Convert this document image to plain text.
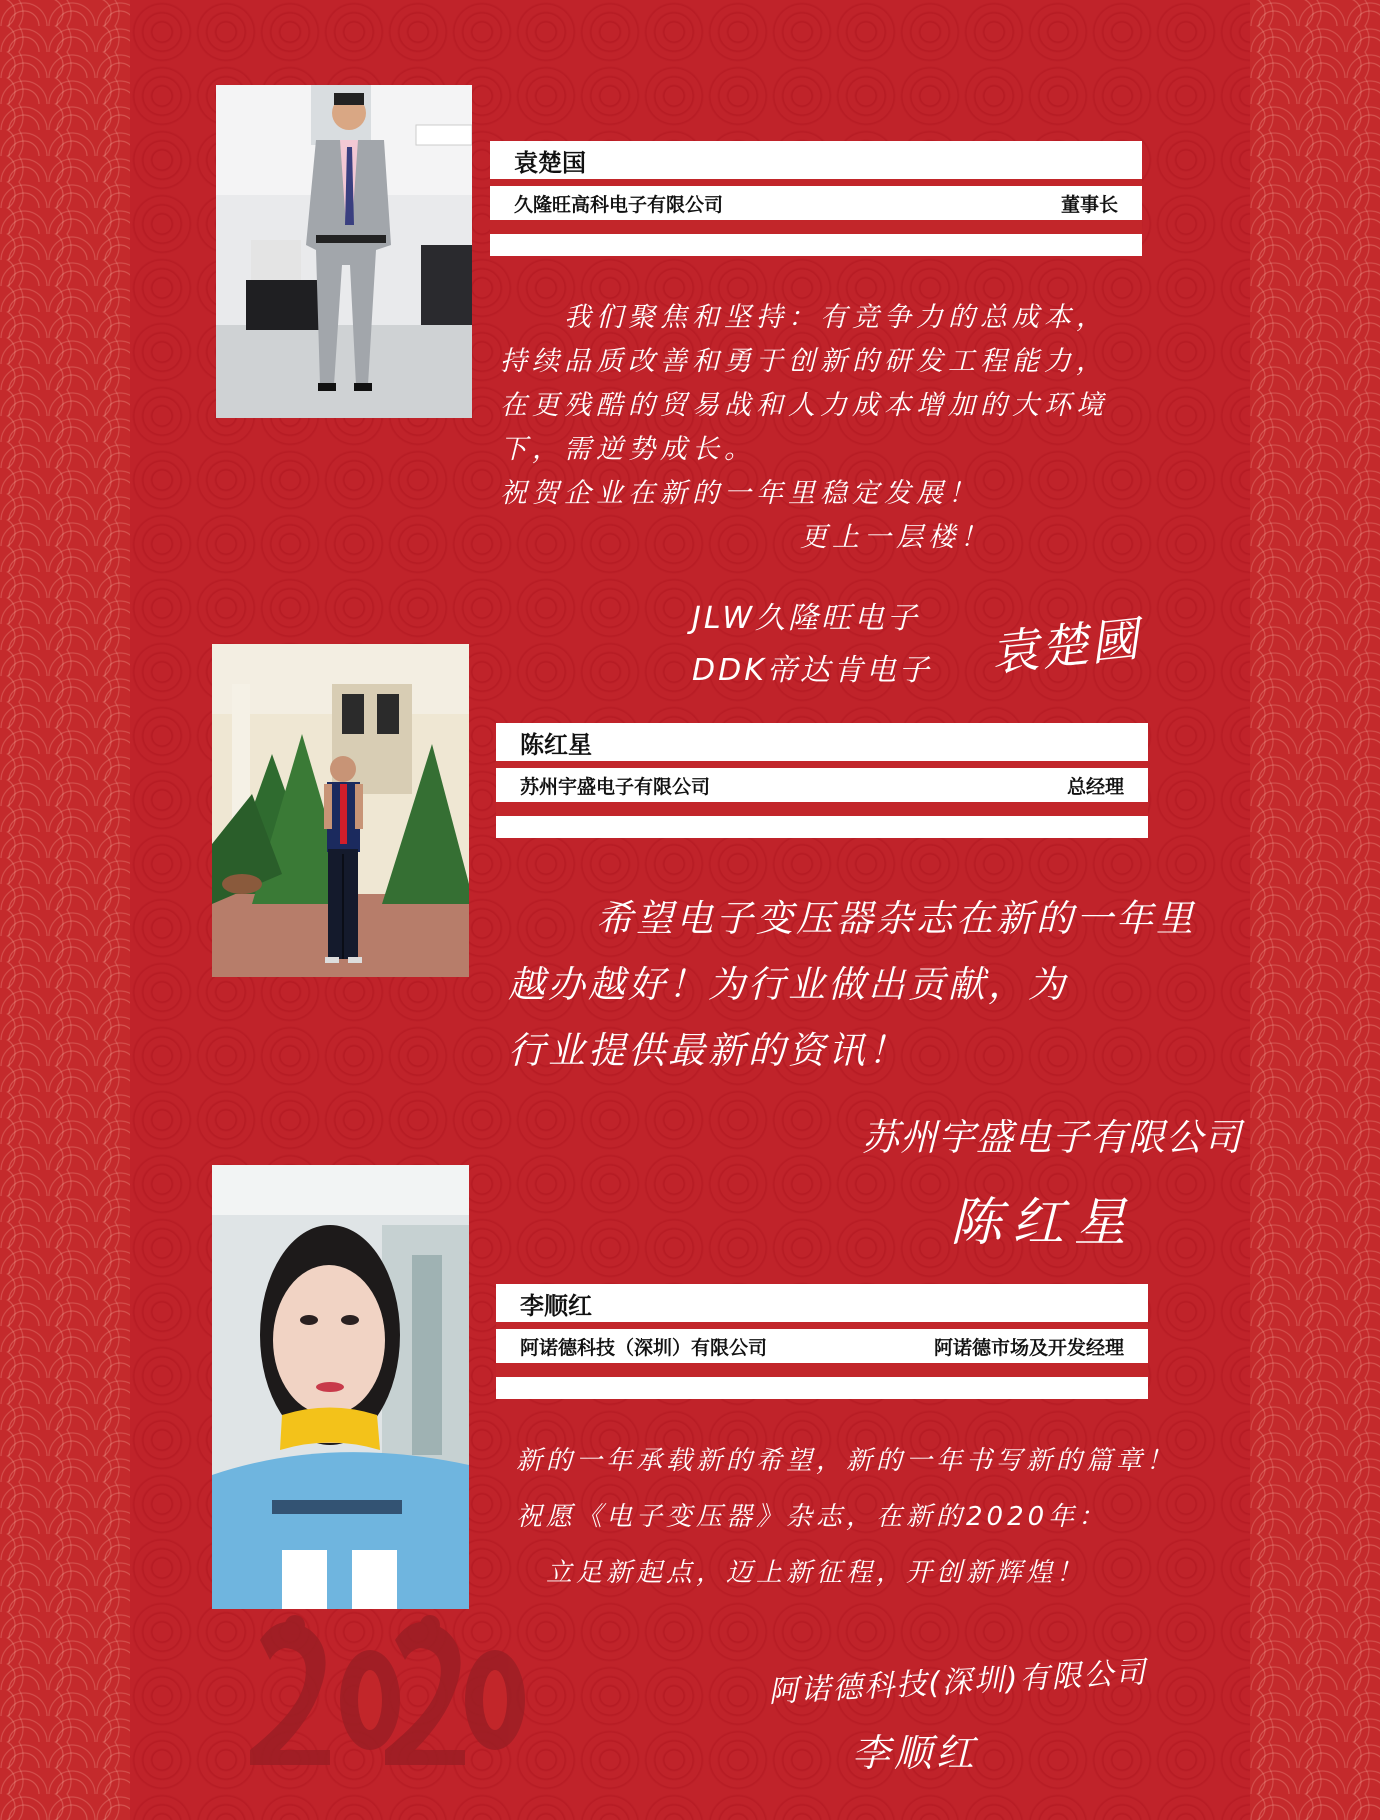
袁楚国
久隆旺高科电子有限公司	董事长
我们聚焦和坚持：有竞争力的总成本，
持续品质改善和勇于创新的研发工程能力，
在更残酷的贸易战和人力成本增加的大环境
下，需逆势成长。
祝贺企业在新的一年里稳定发展！
更上一层楼！
JLW久隆旺电子
DDK帝达肯电子 袁楚國
陈红星
苏州宇盛电子有限公司	总经理
希望电子变压器杂志在新的一年里
越办越好！为行业做出贡献，为
行业提供最新的资讯！
苏州宇盛电子有限公司
陈红星
李顺红
阿诺德科技（深圳）有限公司	阿诺德市场及开发经理
新的一年承载新的希望，新的一年书写新的篇章！
祝愿《电子变压器》杂志，在新的2020年：
立足新起点，迈上新征程，开创新辉煌！
阿诺德科技(深圳)有限公司
李顺红
